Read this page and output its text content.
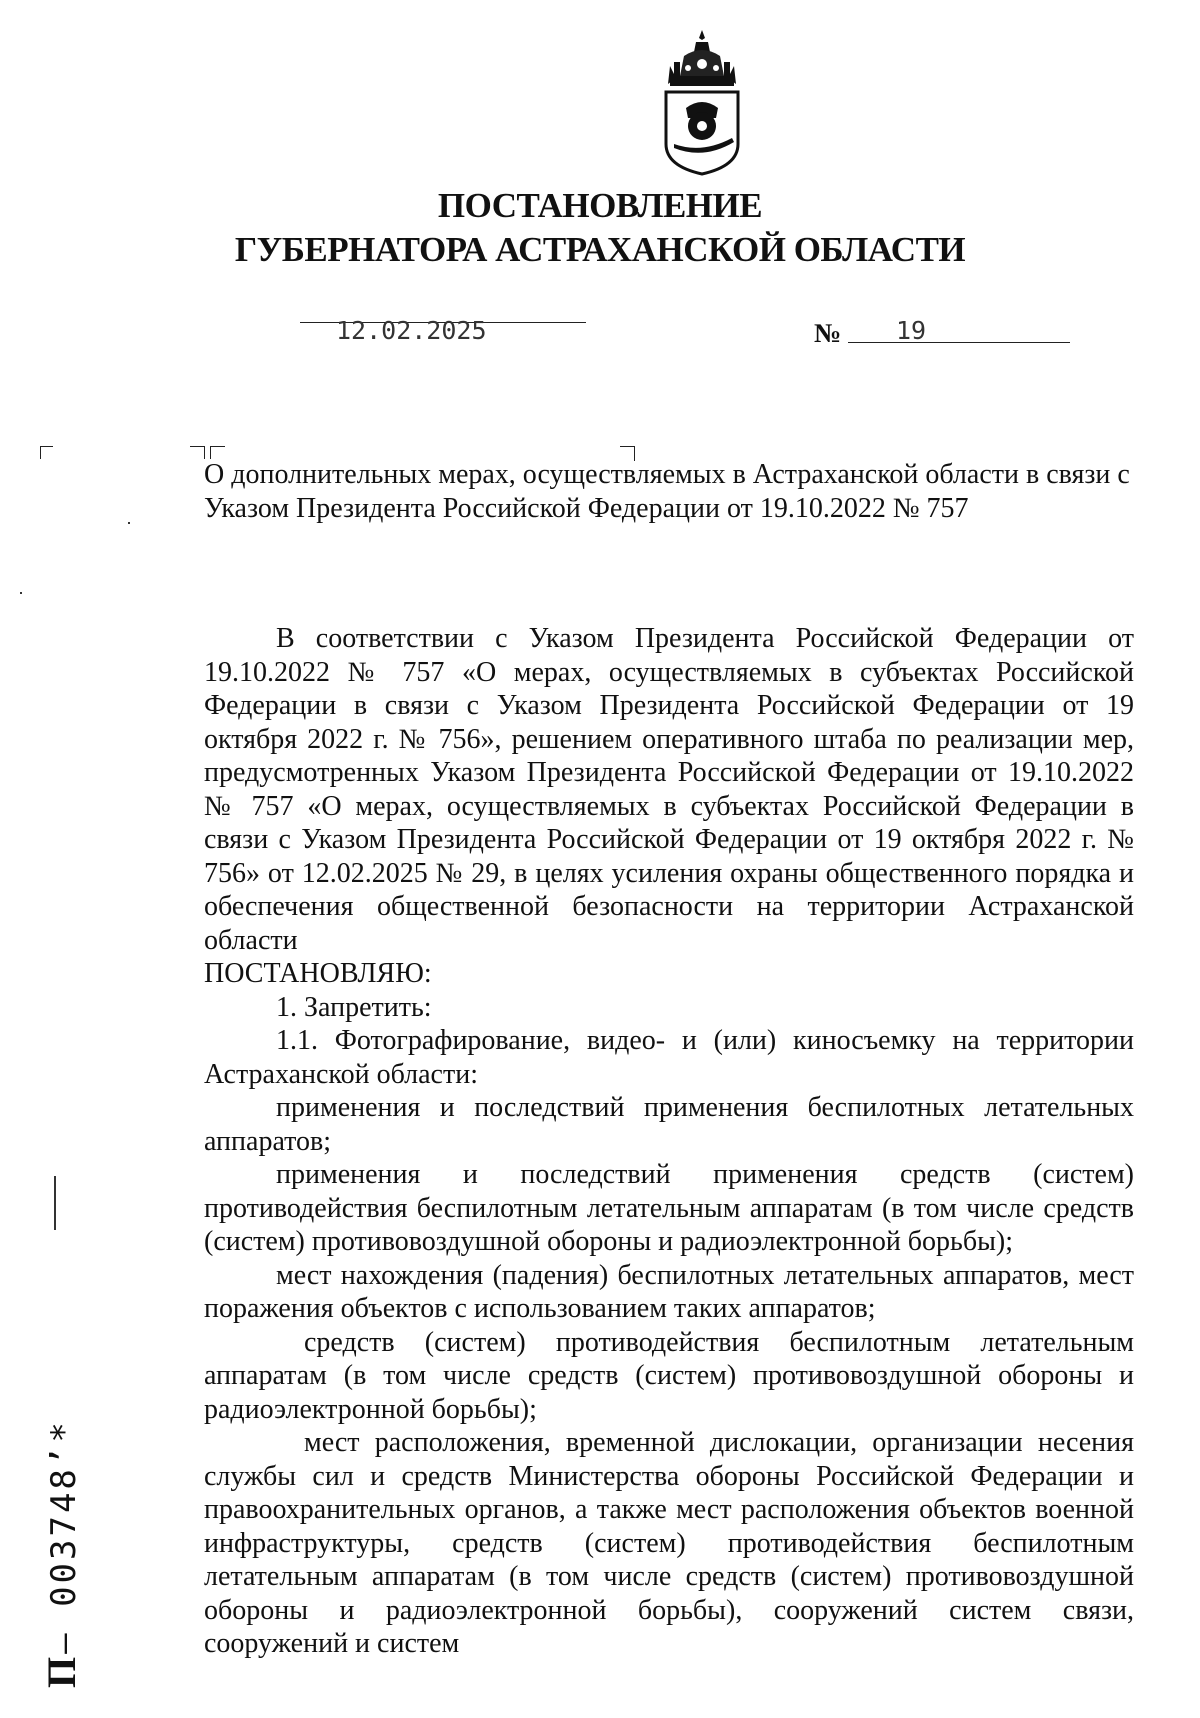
ПОСТАНОВЛЕНИЕ
ГУБЕРНАТОРА АСТРАХАНСКОЙ ОБЛАСТИ
12.02.2025	№ 19
О дополнительных мерах, осуществляемых в Астраханской области в связи с
Указом Президента Российской Федерации от 19.10.2022 № 757

В соответствии с Указом Президента Российской Федерации от 19.10.2022 № 757 «О мерах, осуществляемых в субъектах Российской Федерации в связи с Указом Президента Российской Федерации от 19 октября 2022 г. № 756», решением оперативного штаба по реализации мер, предусмотренных Указом Президента Российской Федерации от 19.10.2022 № 757 «О мерах, осуществляемых в субъектах Российской Федерации в связи с Указом Президента Российской Федерации от 19 октября 2022 г. № 756» от 12.02.2025 № 29, в целях усиления охраны общественного порядка и обеспечения общественной безопасности на территории Астраханской области

ПОСТАНОВЛЯЮ:

1. Запретить:

1.1. Фотографирование, видео- и (или) киносъемку на территории Астраханской области:

применения и последствий применения беспилотных летательных аппаратов;

применения и последствий применения средств (систем) противодействия беспилотным летательным аппаратам (в том числе средств (систем) противовоздушной обороны и радиоэлектронной борьбы);

мест нахождения (падения) беспилотных летательных аппаратов, мест поражения объектов с использованием таких аппаратов;

средств (систем) противодействия беспилотным летательным аппаратам (в том числе средств (систем) противовоздушной обороны и радиоэлектронной борьбы);

мест расположения, временной дислокации, организации несения службы сил и средств Министерства обороны Российской Федерации и правоохранительных органов, а также мест расположения объектов военной инфраструктуры, средств (систем) противодействия беспилотным летательным аппаратам (в том числе средств (систем) противовоздушной обороны и радиоэлектронной борьбы), сооружений систем связи, сооружений и систем

П– 003748’*
